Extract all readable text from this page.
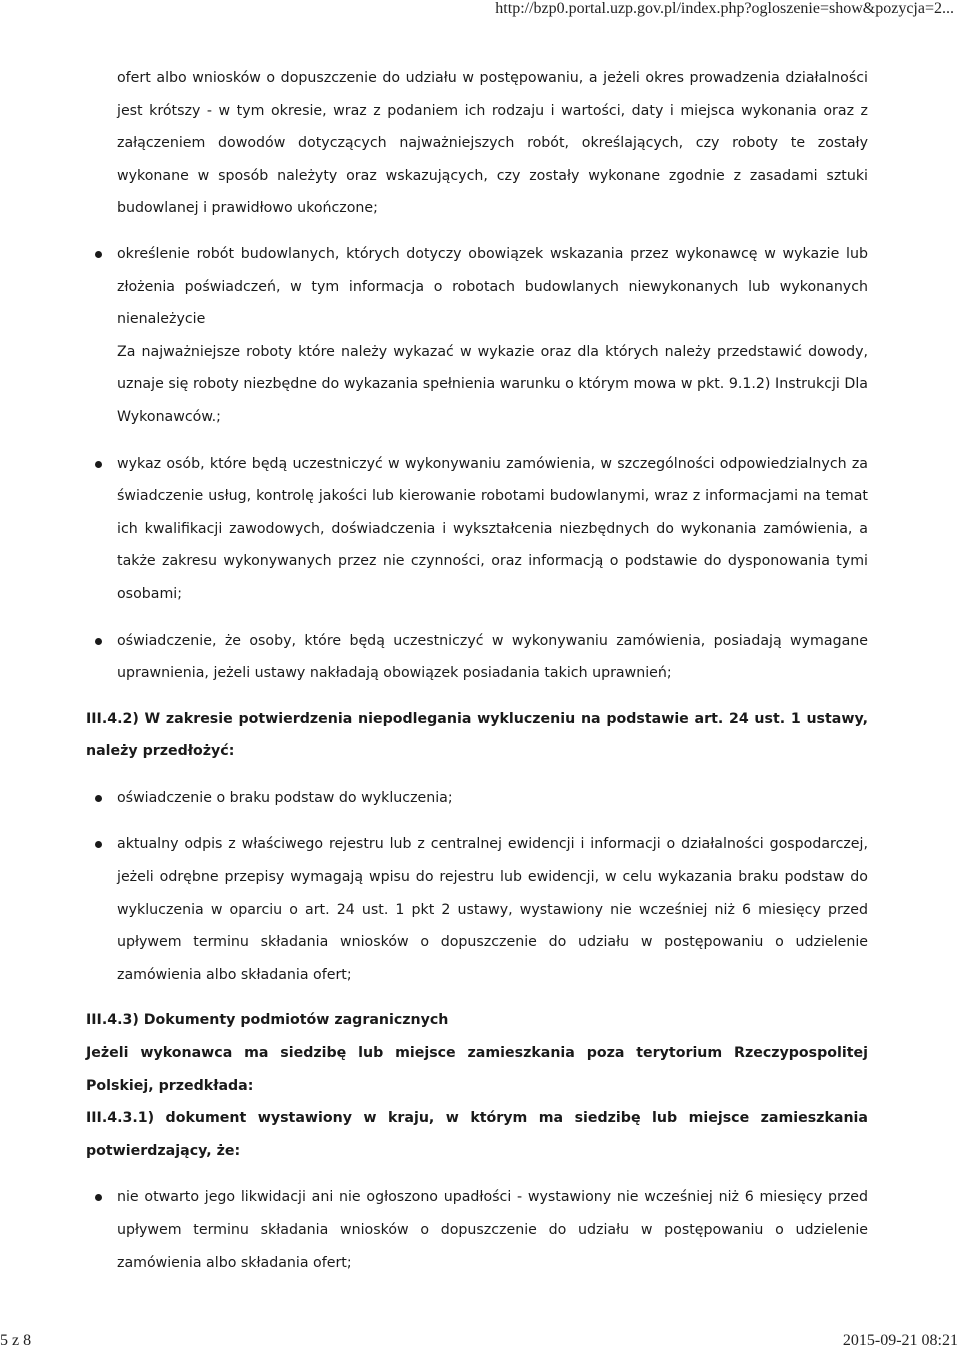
http://bzp0.portal.uzp.gov.pl/index.php?ogloszenie=show&pozycja=2...
ofert albo wniosków o dopuszczenie do udziału w postępowaniu, a jeżeli okres prowadzenia działalności jest krótszy - w tym okresie, wraz z podaniem ich rodzaju i wartości, daty i miejsca wykonania oraz z załączeniem dowodów dotyczących najważniejszych robót, określających, czy roboty te zostały wykonane w sposób należyty oraz wskazujących, czy zostały wykonane zgodnie z zasadami sztuki budowlanej i prawidłowo ukończone;
określenie robót budowlanych, których dotyczy obowiązek wskazania przez wykonawcę w wykazie lub złożenia poświadczeń, w tym informacja o robotach budowlanych niewykonanych lub wykonanych nienależycie
Za najważniejsze roboty które należy wykazać w wykazie oraz dla których należy przedstawić dowody, uznaje się roboty niezbędne do wykazania spełnienia warunku o którym mowa w pkt. 9.1.2) Instrukcji Dla Wykonawców.;
wykaz osób, które będą uczestniczyć w wykonywaniu zamówienia, w szczególności odpowiedzialnych za świadczenie usług, kontrolę jakości lub kierowanie robotami budowlanymi, wraz z informacjami na temat ich kwalifikacji zawodowych, doświadczenia i wykształcenia niezbędnych do wykonania zamówienia, a także zakresu wykonywanych przez nie czynności, oraz informacją o podstawie do dysponowania tymi osobami;
oświadczenie, że osoby, które będą uczestniczyć w wykonywaniu zamówienia, posiadają wymagane uprawnienia, jeżeli ustawy nakładają obowiązek posiadania takich uprawnień;
III.4.2) W zakresie potwierdzenia niepodlegania wykluczeniu na podstawie art. 24 ust. 1 ustawy, należy przedłożyć:
oświadczenie o braku podstaw do wykluczenia;
aktualny odpis z właściwego rejestru lub z centralnej ewidencji i informacji o działalności gospodarczej, jeżeli odrębne przepisy wymagają wpisu do rejestru lub ewidencji, w celu wykazania braku podstaw do wykluczenia w oparciu o art. 24 ust. 1 pkt 2 ustawy, wystawiony nie wcześniej niż 6 miesięcy przed upływem terminu składania wniosków o dopuszczenie do udziału w postępowaniu o udzielenie zamówienia albo składania ofert;
III.4.3) Dokumenty podmiotów zagranicznych
Jeżeli wykonawca ma siedzibę lub miejsce zamieszkania poza terytorium Rzeczypospolitej Polskiej, przedkłada:
III.4.3.1) dokument wystawiony w kraju, w którym ma siedzibę lub miejsce zamieszkania potwierdzający, że:
nie otwarto jego likwidacji ani nie ogłoszono upadłości - wystawiony nie wcześniej niż 6 miesięcy przed upływem terminu składania wniosków o dopuszczenie do udziału w postępowaniu o udzielenie zamówienia albo składania ofert;
5 z 8	2015-09-21 08:21
